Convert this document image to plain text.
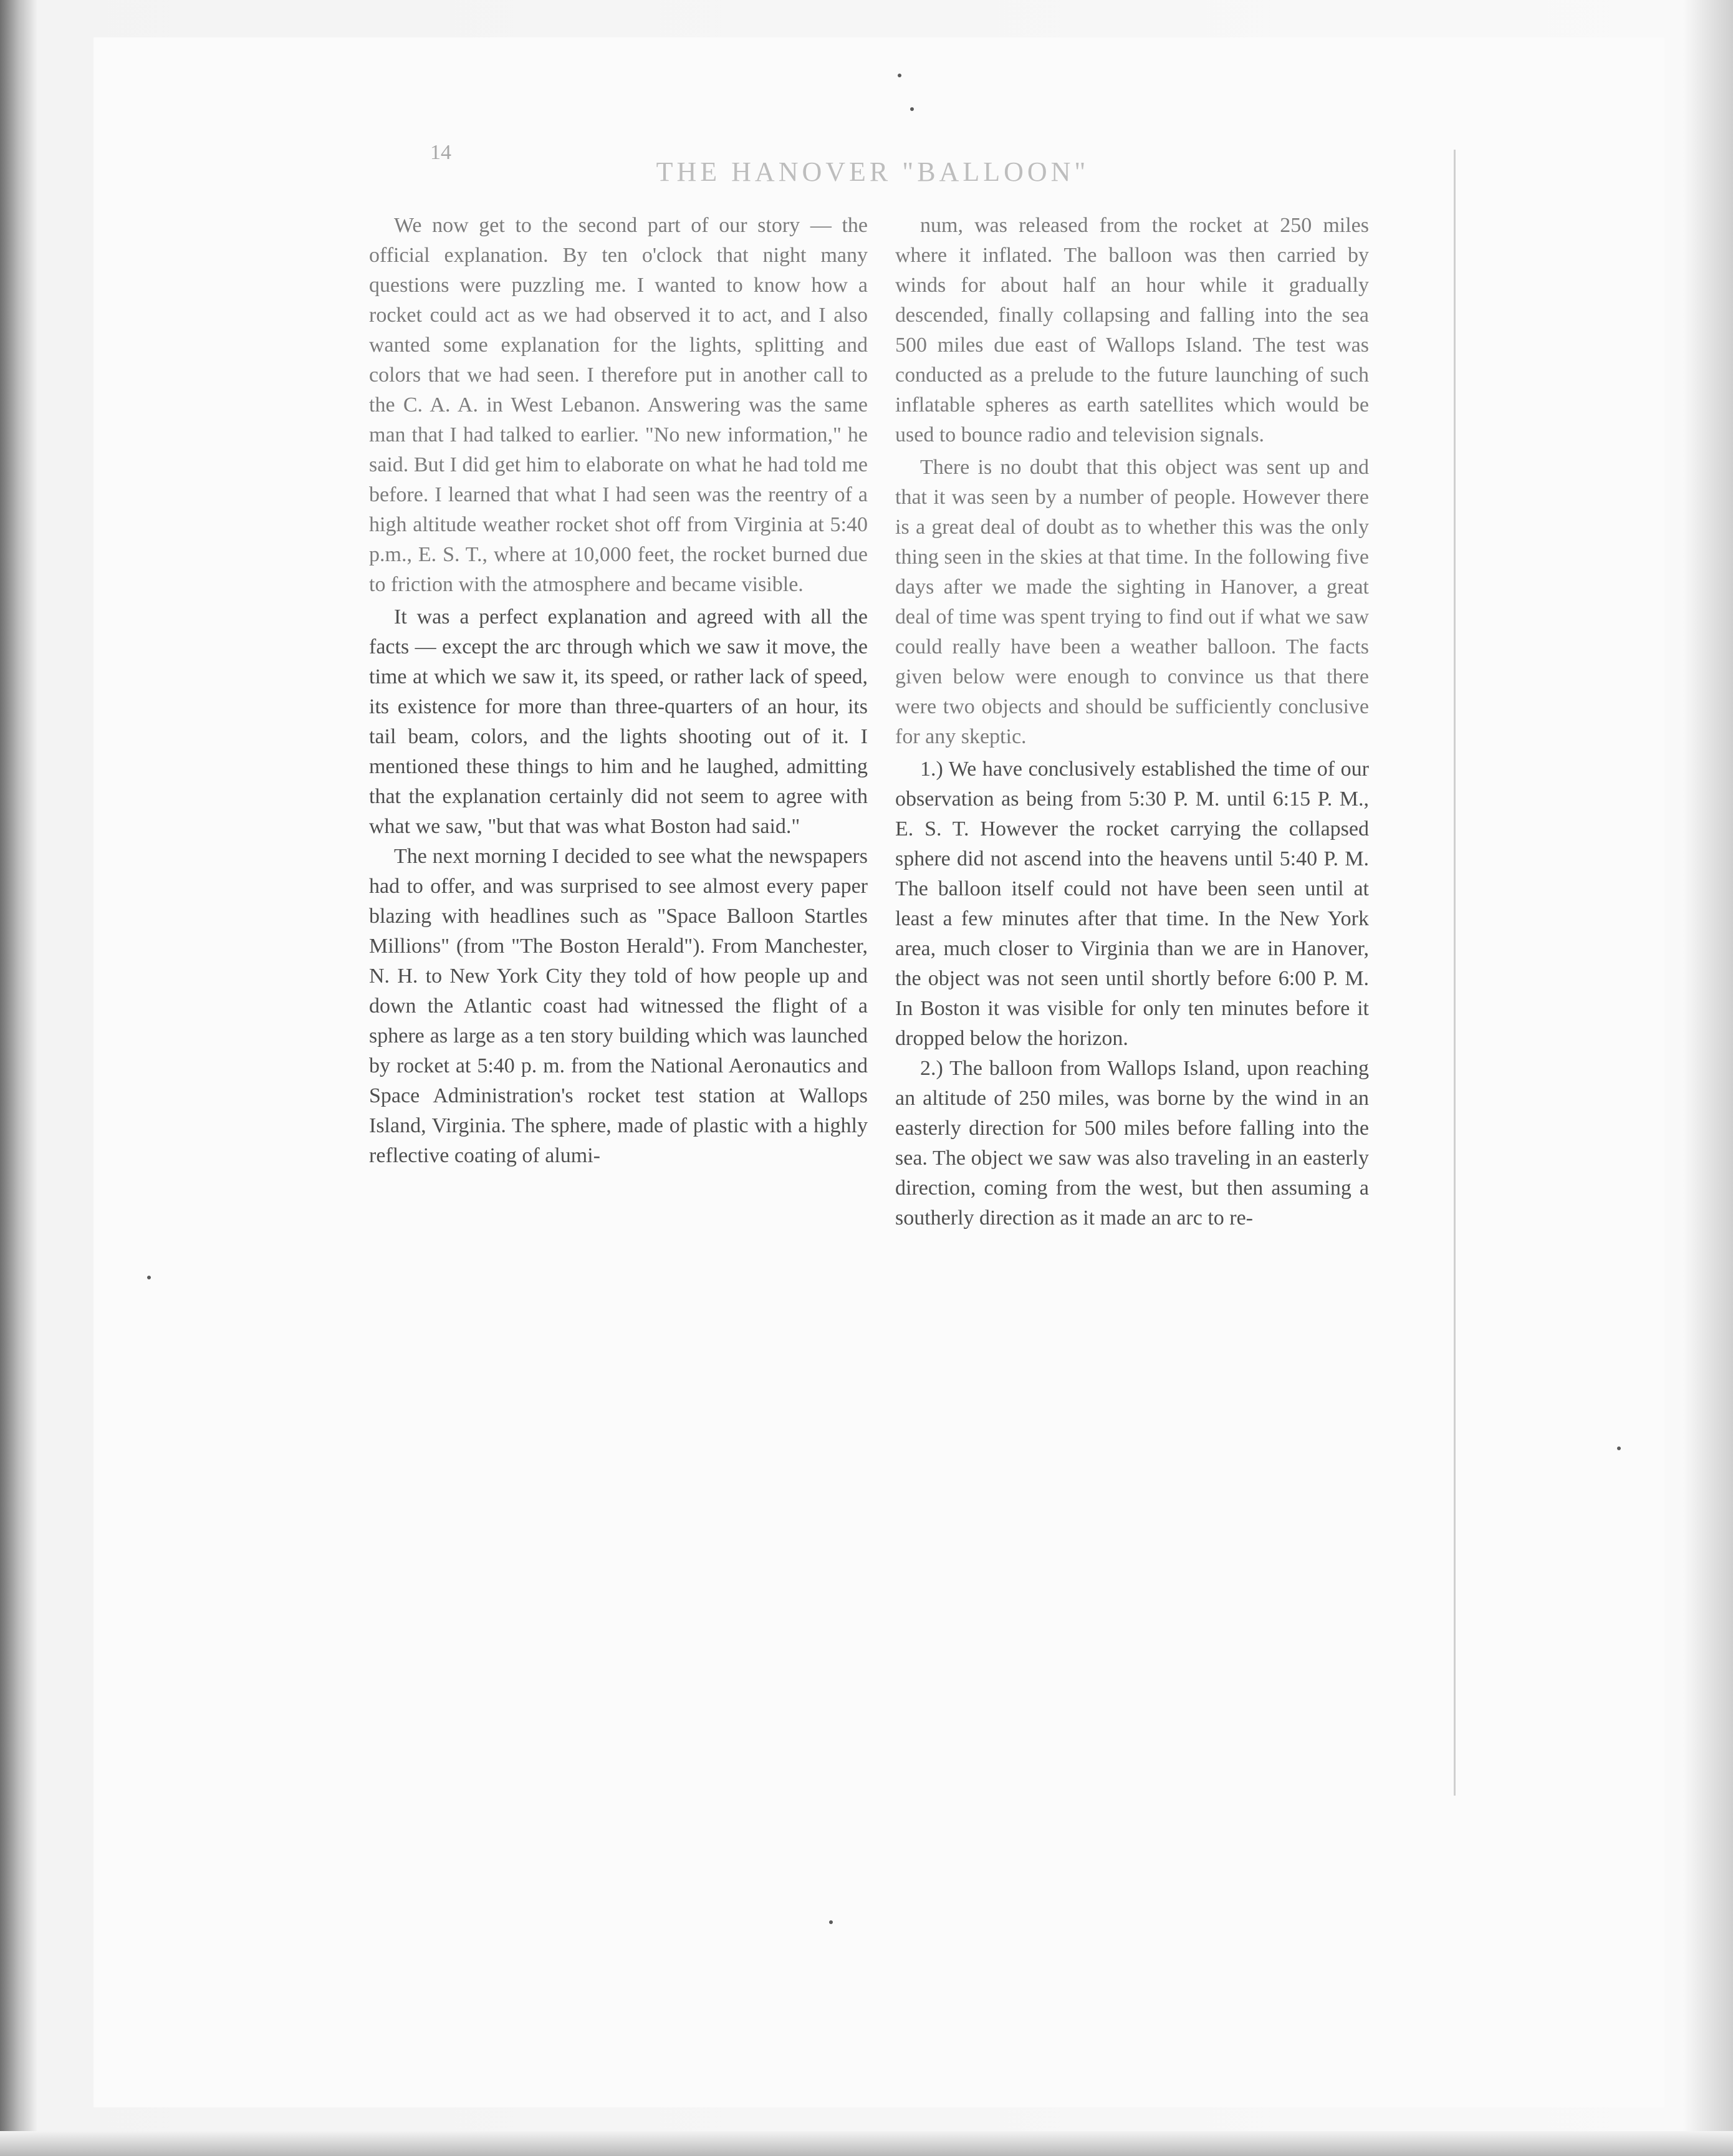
14
THE HANOVER "BALLOON"

We now get to the second part of our story — the official explanation. By ten o'clock that night many questions were puzzling me. I wanted to know how a rocket could act as we had observed it to act, and I also wanted some explanation for the lights, splitting and colors that we had seen. I therefore put in another call to the C. A. A. in West Lebanon. Answering was the same man that I had talked to earlier. "No new information," he said. But I did get him to elaborate on what he had told me before. I learned that what I had seen was the reentry of a high altitude weather rocket shot off from Virginia at 5:40 p.m., E. S. T., where at 10,000 feet, the rocket burned due to friction with the atmosphere and became visible.

It was a perfect explanation and agreed with all the facts — except the arc through which we saw it move, the time at which we saw it, its speed, or rather lack of speed, its existence for more than three-quarters of an hour, its tail beam, colors, and the lights shooting out of it. I mentioned these things to him and he laughed, admitting that the explanation certainly did not seem to agree with what we saw, "but that was what Boston had said."

The next morning I decided to see what the newspapers had to offer, and was surprised to see almost every paper blazing with headlines such as "Space Balloon Startles Millions" (from "The Boston Herald"). From Manchester, N. H. to New York City they told of how people up and down the Atlantic coast had witnessed the flight of a sphere as large as a ten story building which was launched by rocket at 5:40 p. m. from the National Aeronautics and Space Administration's rocket test station at Wallops Island, Virginia. The sphere, made of plastic with a highly reflective coating of alumi-

num, was released from the rocket at 250 miles where it inflated. The balloon was then carried by winds for about half an hour while it gradually descended, finally collapsing and falling into the sea 500 miles due east of Wallops Island. The test was conducted as a prelude to the future launching of such inflatable spheres as earth satellites which would be used to bounce radio and television signals.

There is no doubt that this object was sent up and that it was seen by a number of people. However there is a great deal of doubt as to whether this was the only thing seen in the skies at that time. In the following five days after we made the sighting in Hanover, a great deal of time was spent trying to find out if what we saw could really have been a weather balloon. The facts given below were enough to convince us that there were two objects and should be sufficiently conclusive for any skeptic.

1.) We have conclusively established the time of our observation as being from 5:30 P. M. until 6:15 P. M., E. S. T. However the rocket carrying the collapsed sphere did not ascend into the heavens until 5:40 P. M. The balloon itself could not have been seen until at least a few minutes after that time. In the New York area, much closer to Virginia than we are in Hanover, the object was not seen until shortly before 6:00 P. M. In Boston it was visible for only ten minutes before it dropped below the horizon.

2.) The balloon from Wallops Island, upon reaching an altitude of 250 miles, was borne by the wind in an easterly direction for 500 miles before falling into the sea. The object we saw was also traveling in an easterly direction, coming from the west, but then assuming a southerly direction as it made an arc to re-
